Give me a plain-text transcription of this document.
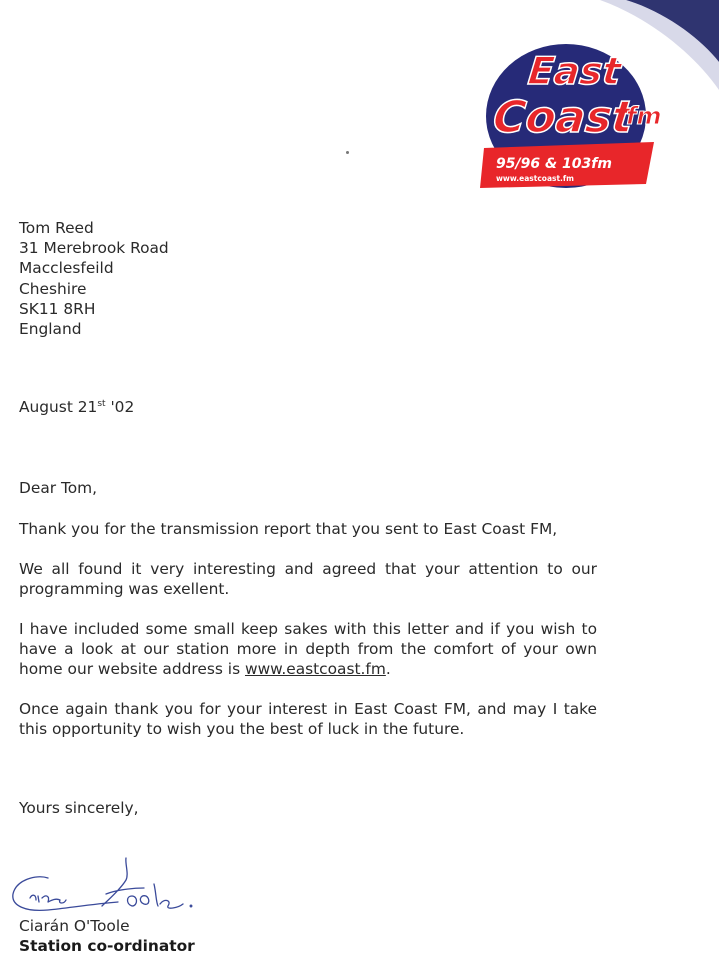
East
Coast
fm
95/96 & 103fm
www.eastcoast.fm
Tom Reed
31 Merebrook Road
Macclesfeild
Cheshire
SK11 8RH
England
August 21st '02
Dear Tom,
Thank you for the transmission report that you sent to East Coast FM,
We all found it very interesting and agreed that your attention to our programming was exellent.
I have included some small keep sakes with this letter and if you wish to have a look at our station more in depth from the comfort of your own home our website address is www.eastcoast.fm.
Once again thank you for your interest in East Coast FM, and may I take this opportunity to wish you the best of luck in the future.
Yours sincerely,
Ciarán O'Toole
Station co-ordinator
